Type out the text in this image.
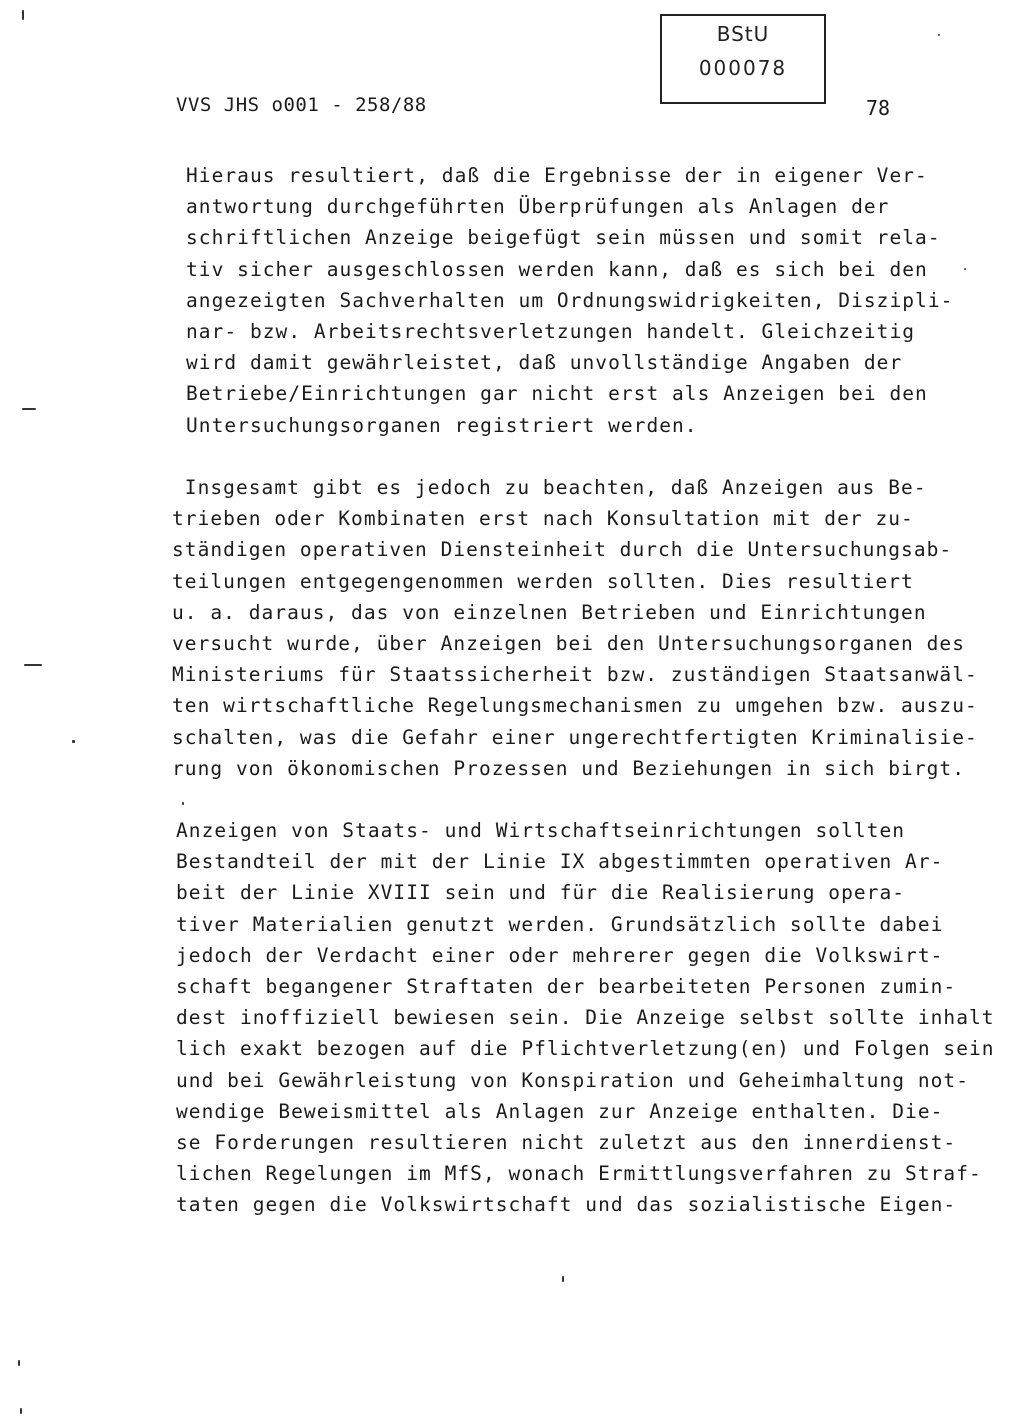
BStU
000078
VVS JHS o001 - 258/88	78
Hieraus resultiert, daß die Ergebnisse der in eigener Ver-
antwortung durchgeführten Überprüfungen als Anlagen der
schriftlichen Anzeige beigefügt sein müssen und somit rela-
tiv sicher ausgeschlossen werden kann, daß es sich bei den
angezeigten Sachverhalten um Ordnungswidrigkeiten, Diszipli-
nar- bzw. Arbeitsrechtsverletzungen handelt. Gleichzeitig
wird damit gewährleistet, daß unvollständige Angaben der
Betriebe/Einrichtungen gar nicht erst als Anzeigen bei den
Untersuchungsorganen registriert werden.
Insgesamt gibt es jedoch zu beachten, daß Anzeigen aus Be-
trieben oder Kombinaten erst nach Konsultation mit der zu-
ständigen operativen Diensteinheit durch die Untersuchungsab-
teilungen entgegengenommen werden sollten. Dies resultiert
u. a. daraus, das von einzelnen Betrieben und Einrichtungen
versucht wurde, über Anzeigen bei den Untersuchungsorganen des
Ministeriums für Staatssicherheit bzw. zuständigen Staatsanwäl-
ten wirtschaftliche Regelungsmechanismen zu umgehen bzw. auszu-
schalten, was die Gefahr einer ungerechtfertigten Kriminalisie-
rung von ökonomischen Prozessen und Beziehungen in sich birgt.
Anzeigen von Staats- und Wirtschaftseinrichtungen sollten
Bestandteil der mit der Linie IX abgestimmten operativen Ar-
beit der Linie XVIII sein und für die Realisierung opera-
tiver Materialien genutzt werden. Grundsätzlich sollte dabei
jedoch der Verdacht einer oder mehrerer gegen die Volkswirt-
schaft begangener Straftaten der bearbeiteten Personen zumin-
dest inoffiziell bewiesen sein. Die Anzeige selbst sollte inhalt
lich exakt bezogen auf die Pflichtverletzung(en) und Folgen sein
und bei Gewährleistung von Konspiration und Geheimhaltung not-
wendige Beweismittel als Anlagen zur Anzeige enthalten. Die-
se Forderungen resultieren nicht zuletzt aus den innerdienst-
lichen Regelungen im MfS, wonach Ermittlungsverfahren zu Straf-
taten gegen die Volkswirtschaft und das sozialistische Eigen-
